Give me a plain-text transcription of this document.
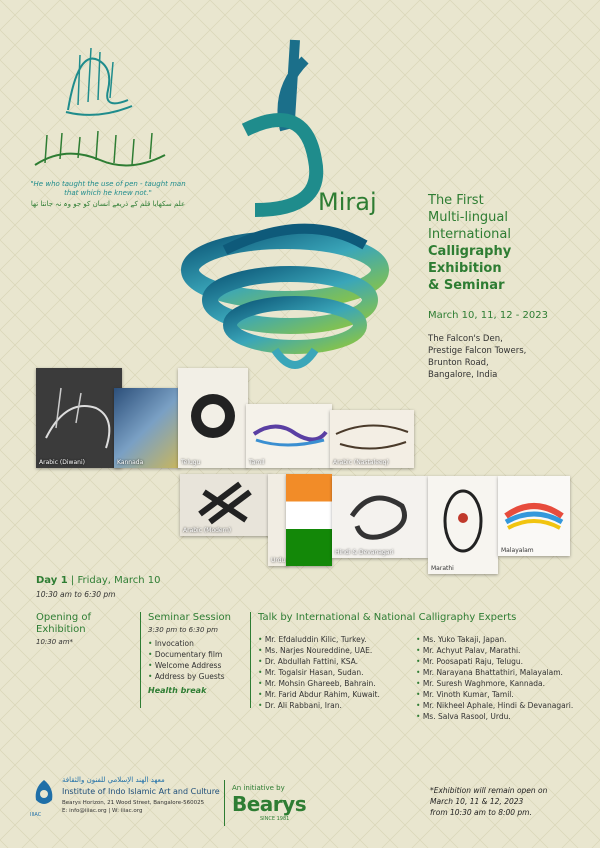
"He who taught the use of pen - taught man that which he knew not."
علم سکھایا قلم کے ذریعے انسان کو جو وہ نہ جانتا تھا	Miraj	The First
Multi-lingual
International
Calligraphy
Exhibition
& Seminar
March 10, 11, 12 - 2023
The Falcon's Den,
Prestige Falcon Towers,
Brunton Road,
Bangalore, India
Arabic (Diwani)	Kannada	Telugu	Tamil	Arabic (Nastaleeq)
Arabic (Modern)
Urdu
Hindi & Devanagari
Marathi
Malayalam
Day 1 | Friday, March 10
10:30 am to 6:30 pm
Opening of Exhibition
10:30 am*
Seminar Session
3:30 pm to 6:30 pm
• Invocation
• Documentary film
• Welcome Address
• Address by Guests
Health break
Talk by International & National Calligraphy Experts
• Mr. Efdaluddin Kilic, Turkey.
• Ms. Narjes Noureddine, UAE.
• Dr. Abdullah Fattini, KSA.
• Mr. Togalsir Hasan, Sudan.
• Mr. Mohsin Ghareeb, Bahrain.
• Mr. Farid Abdur Rahim, Kuwait.
• Dr. Ali Rabbani, Iran.
• Ms. Yuko Takaji, Japan.
• Mr. Achyut Palav, Marathi.
• Mr. Poosapati Raju, Telugu.
• Mr. Narayana Bhattathiri, Malayalam.
• Mr. Suresh Waghmore, Kannada.
• Mr. Vinoth Kumar, Tamil.
• Mr. Nikheel Aphale, Hindi & Devanagari.
• Ms. Salva Rasool, Urdu.
IIIAC
معهد الهند الإسلامي للفنون والثقافة
Institute of Indo Islamic Art and Culture
Bearys Horizon, 21 Wood Street, Bangalore-560025
E: info@iiiac.org | W: iiiac.org
An initiative by
Bearys
SINCE 1981
*Exhibition will remain open on
March 10, 11 & 12, 2023
from 10:30 am to 8:00 pm.
